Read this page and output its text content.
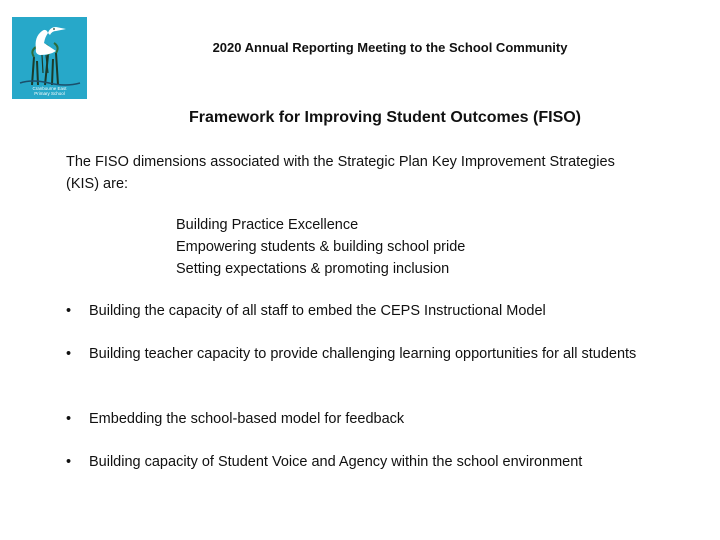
Cranbourne East
Primary School
2020 Annual Reporting Meeting to the School Community
Framework for Improving Student Outcomes (FISO)
The FISO dimensions associated with the Strategic Plan Key Improvement Strategies (KIS) are:
Building Practice Excellence
Empowering students & building school pride
Setting expectations & promoting inclusion
• Building the capacity of all staff to embed the CEPS Instructional Model
• Building teacher capacity to provide challenging learning opportunities for all students
• Embedding the school-based model for feedback
• Building capacity of Student Voice and Agency within the school environment
